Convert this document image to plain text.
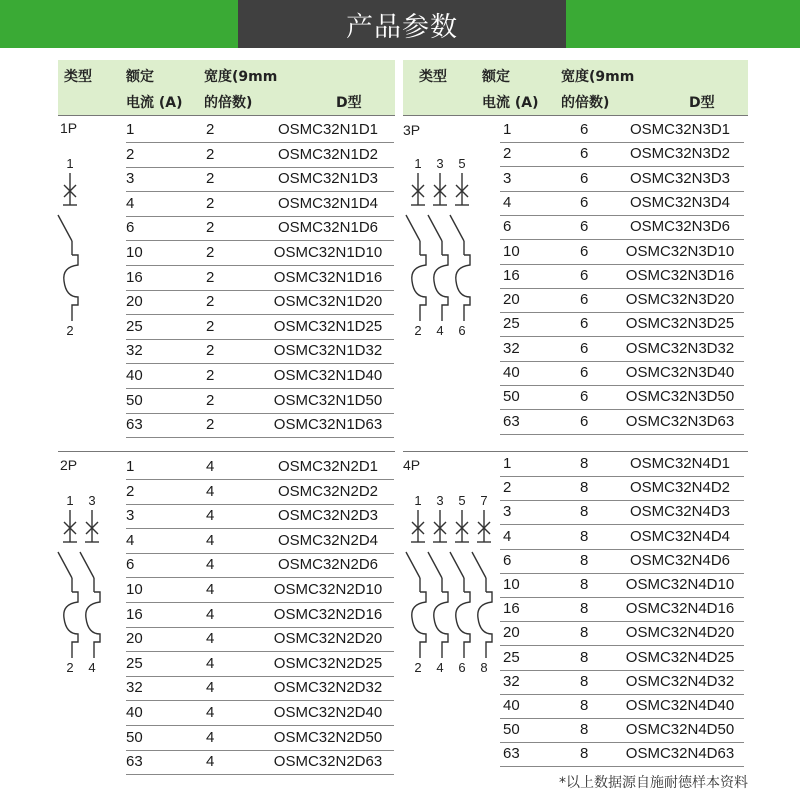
产品参数
类型 额定
电流 (A)
宽度(9mm
的倍数)	D型
类型	额定
电流 (A)
宽度(9mm
的倍数)	D型
1P	1	2	OSMC32N1D1
2	2	OSMC32N1D2
3	2	OSMC32N1D3
4	2	OSMC32N1D4
6	2	OSMC32N1D6
10	2	OSMC32N1D10
16	2	OSMC32N1D16
20	2	OSMC32N1D20
25	2	OSMC32N1D25
32	2	OSMC32N1D32
40	2	OSMC32N1D40
50	2	OSMC32N1D50
63	2	OSMC32N1D63
1
2
3P	1	6	OSMC32N3D1
2	6	OSMC32N3D2
3	6	OSMC32N3D3
4	6	OSMC32N3D4
6	6	OSMC32N3D6
10	6	OSMC32N3D10
16	6	OSMC32N3D16
20	6	OSMC32N3D20
25	6	OSMC32N3D25
32	6	OSMC32N3D32
40	6	OSMC32N3D40
50	6	OSMC32N3D50
63	6	OSMC32N3D63
1
2
3
4
5
6
2P	1	4	OSMC32N2D1
2	4	OSMC32N2D2
3	4	OSMC32N2D3
4	4	OSMC32N2D4
6	4	OSMC32N2D6
10	4	OSMC32N2D10
16	4	OSMC32N2D16
20	4	OSMC32N2D20
25	4	OSMC32N2D25
32	4	OSMC32N2D32
40	4	OSMC32N2D40
50	4	OSMC32N2D50
63	4	OSMC32N2D63
1
2
3
4
4P	1	8	OSMC32N4D1
2	8	OSMC32N4D2
3	8	OSMC32N4D3
4	8	OSMC32N4D4
6	8	OSMC32N4D6
10	8	OSMC32N4D10
16	8	OSMC32N4D16
20	8	OSMC32N4D20
25	8	OSMC32N4D25
32	8	OSMC32N4D32
40	8	OSMC32N4D40
50	8	OSMC32N4D50
63	8	OSMC32N4D63
1
2
3
4
5
6
7
8
*以上数据源自施耐德样本资料
